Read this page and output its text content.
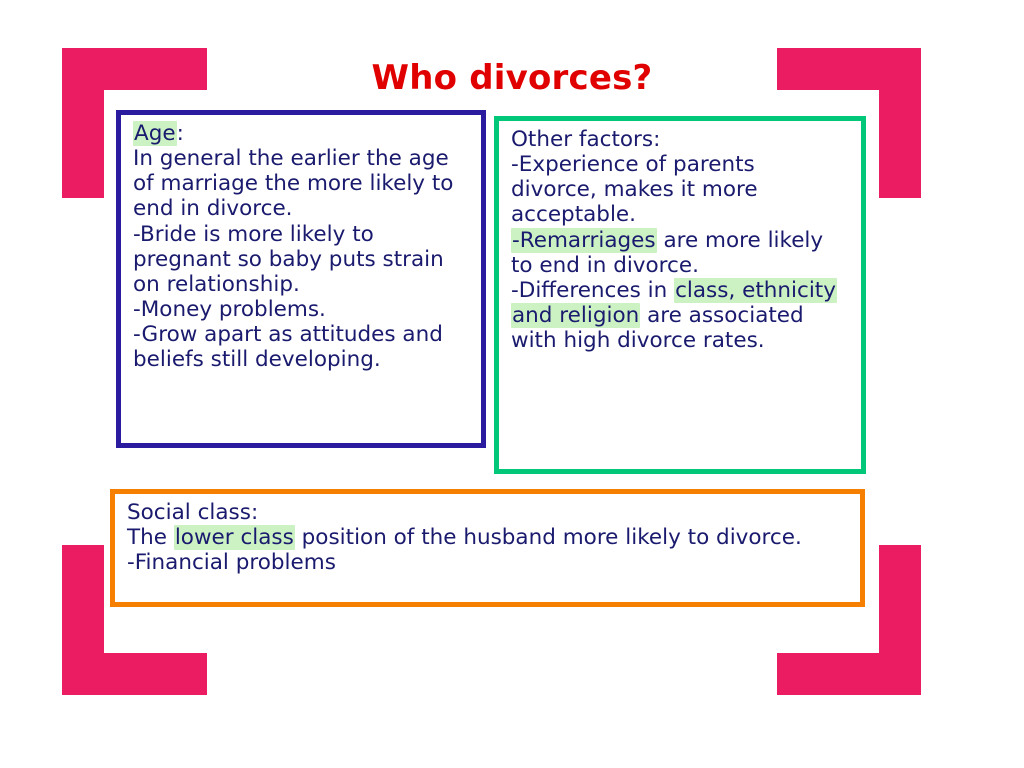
Who divorces?
Age:
In general the earlier the age
of marriage the more likely to
end in divorce.
-Bride is more likely to
pregnant so baby puts strain
on relationship.
-Money problems.
-Grow apart as attitudes and
beliefs still developing.
Other factors:
-Experience of parents
divorce, makes it more
acceptable.
-Remarriages are more likely
to end in divorce.
-Differences in class, ethnicity
and religion are associated
with high divorce rates.
Social class:
The lower class position of the husband more likely to divorce.
-Financial problems
